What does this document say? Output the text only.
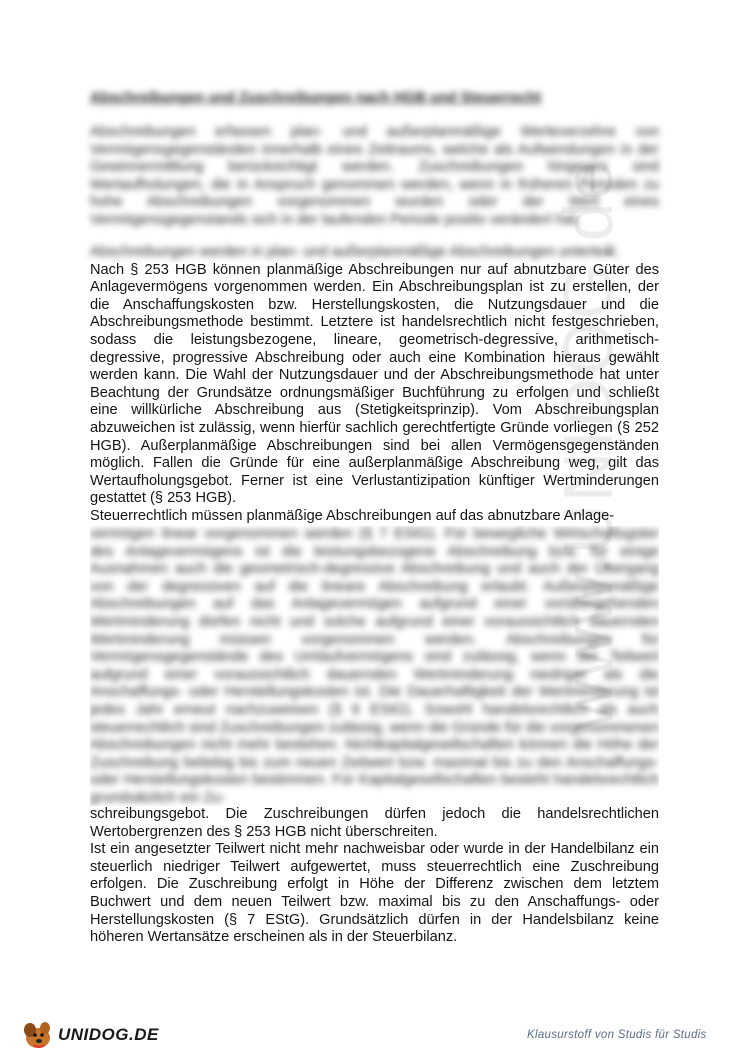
www.UNIDOG.de
Abschreibungen und Zuschreibungen nach HGB und Steuerrecht

Abschreibungen erfassen plan- und außerplanmäßige Werteverzehre von Vermögensgegenständen innerhalb eines Zeitraums, welche als Aufwendungen in der Gewinnermittlung berücksichtigt werden. Zuschreibungen hingegen sind Wertaufholungen, die in Anspruch genommen werden, wenn in früheren Perioden zu hohe Abschreibungen vorgenommen wurden oder der Wert eines Vermögensgegenstands sich in der laufenden Periode positiv verändert hat.

Abschreibungen werden in plan- und außerplanmäßige Abschreibungen unterteilt.
Nach § 253 HGB können planmäßige Abschreibungen nur auf abnutzbare Güter des Anlagevermögens vorgenommen werden. Ein Abschreibungsplan ist zu erstellen, der die Anschaffungskosten bzw. Herstellungskosten, die Nutzungsdauer und die Abschreibungsmethode bestimmt. Letztere ist handelsrechtlich nicht festgeschrieben, sodass die leistungsbezogene, lineare, geometrisch-degressive, arithmetisch-degressive, progressive Abschreibung oder auch eine Kombination hieraus gewählt werden kann. Die Wahl der Nutzungsdauer und der Abschreibungsmethode hat unter Beachtung der Grundsätze ordnungsmäßiger Buchführung zu erfolgen und schließt eine willkürliche Abschreibung aus (Stetigkeitsprinzip). Vom Abschreibungsplan abzuweichen ist zulässig, wenn hierfür sachlich gerechtfertigte Gründe vorliegen (§ 252 HGB). Außerplanmäßige Abschreibungen sind bei allen Vermögensgegenständen möglich. Fallen die Gründe für eine außerplanmäßige Abschreibung weg, gilt das Wertaufholungsgebot. Ferner ist eine Verlustantizipation künftiger Wertminderungen gestattet (§ 253 HGB).
Steuerrechtlich müssen planmäßige Abschreibungen auf das abnutzbare Anlage-
vermögen linear vorgenommen werden (§ 7 EStG). Für bewegliche Wirtschaftsgüter des Anlagevermögens ist die leistungsbezogene Abschreibung bzw. für einige Ausnahmen auch die geometrisch-degressive Abschreibung und auch der Übergang von der degressiven auf die lineare Abschreibung erlaubt. Außerplanmäßige Abschreibungen auf das Anlagevermögen aufgrund einer vorübergehenden Wertminderung dürfen nicht und solche aufgrund einer voraussichtlich dauernden Wertminderung müssen vorgenommen werden. Abschreibungen für Vermögensgegenstände des Umlaufvermögens sind zulässig, wenn der Teilwert aufgrund einer voraussichtlich dauernden Wertminderung niedriger als die Anschaffungs- oder Herstellungskosten ist. Die Dauerhaftigkeit der Wertminderung ist jedes Jahr erneut nachzuweisen (§ 6 EStG). Sowohl handelsrechtlich als auch steuerrechtlich sind Zuschreibungen zulässig, wenn die Gründe für die vorgenommenen Abschreibungen nicht mehr bestehen. Nichtkapitalgesellschaften können die Höhe der Zuschreibung beliebig bis zum neuen Zeitwert bzw. maximal bis zu den Anschaffungs- oder Herstellungskosten bestimmen. Für Kapitalgesellschaften besteht handelsrechtlich grundsätzlich ein Zu-
schreibungsgebot. Die Zuschreibungen dürfen jedoch die handelsrechtlichen Wertobergrenzen des § 253 HGB nicht überschreiten.
Ist ein angesetzter Teilwert nicht mehr nachweisbar oder wurde in der Handelbilanz ein steuerlich niedriger Teilwert aufgewertet, muss steuerrechtlich eine Zuschreibung erfolgen. Die Zuschreibung erfolgt in Höhe der Differenz zwischen dem letztem Buchwert und dem neuen Teilwert bzw. maximal bis zu den Anschaffungs- oder Herstellungskosten (§ 7 EStG). Grundsätzlich dürfen in der Handelsbilanz keine höheren Wertansätze erscheinen als in der Steuerbilanz.
UNIDOG.DE	Klausurstoff von Studis für Studis
